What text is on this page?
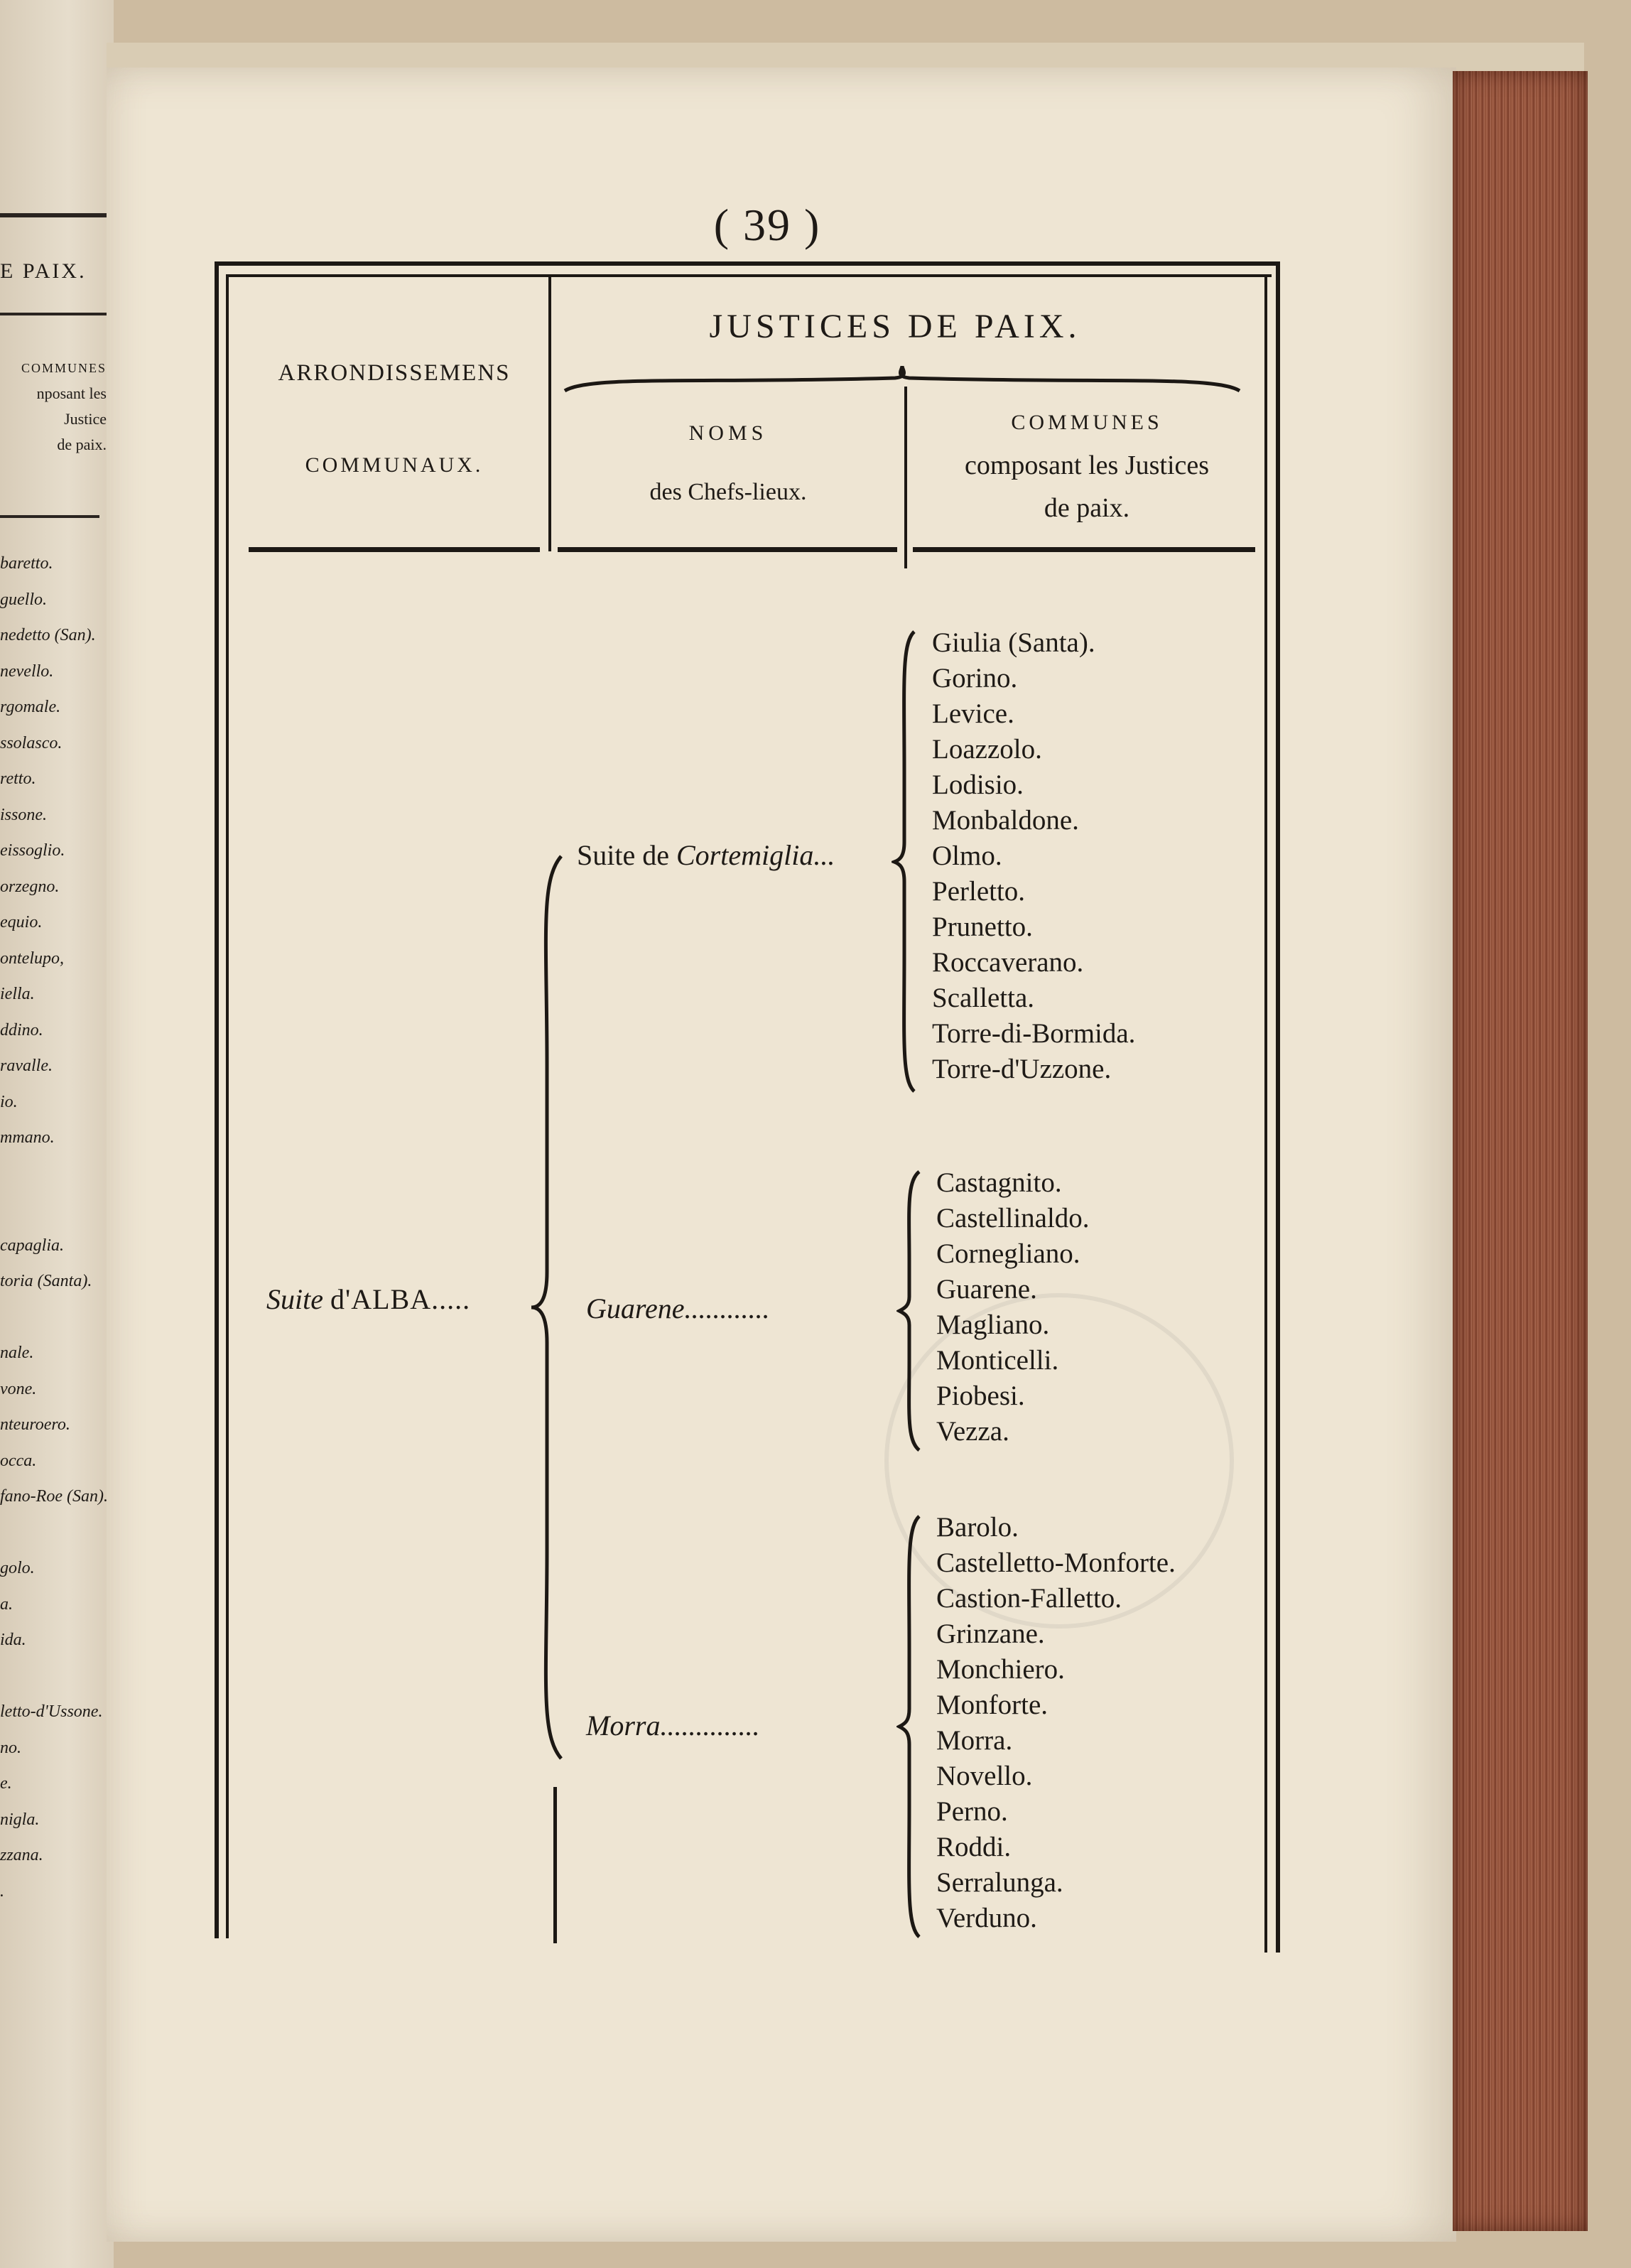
E PAIX.
COMMUNES
nposant les Justice
de paix.
baretto.
guello.
nedetto (San).
nevello.
rgomale.
ssolasco.
retto.
issone.
eissoglio.
orzegno.
equio.
ontelupo,
iella.
ddino.
ravalle.
io.
mmano.
capaglia.
toria (Santa).
nale.
vone.
nteuroero.
occa.
fano-Roe (San).
golo.
a.
ida.
letto-d'Ussone.
no.
e.
nigla.
zzana.
.
( 39 )
ARRONDISSEMENS
COMMUNAUX.
JUSTICES DE PAIX.
NOMS
des Chefs-lieux.
COMMUNES
composant les Justices
de paix.
Suite d'ALBA.....
Suite de Cortemiglia...
Giulia (Santa).
Gorino.
Levice.
Loazzolo.
Lodisio.
Monbaldone.
Olmo.
Perletto.
Prunetto.
Roccaverano.
Scalletta.
Torre-di-Bormida.
Torre-d'Uzzone.
Guarene............
Castagnito.
Castellinaldo.
Cornegliano.
Guarene.
Magliano.
Monticelli.
Piobesi.
Vezza.
Morra..............
Barolo.
Castelletto-Monforte.
Castion-Falletto.
Grinzane.
Monchiero.
Monforte.
Morra.
Novello.
Perno.
Roddi.
Serralunga.
Verduno.
